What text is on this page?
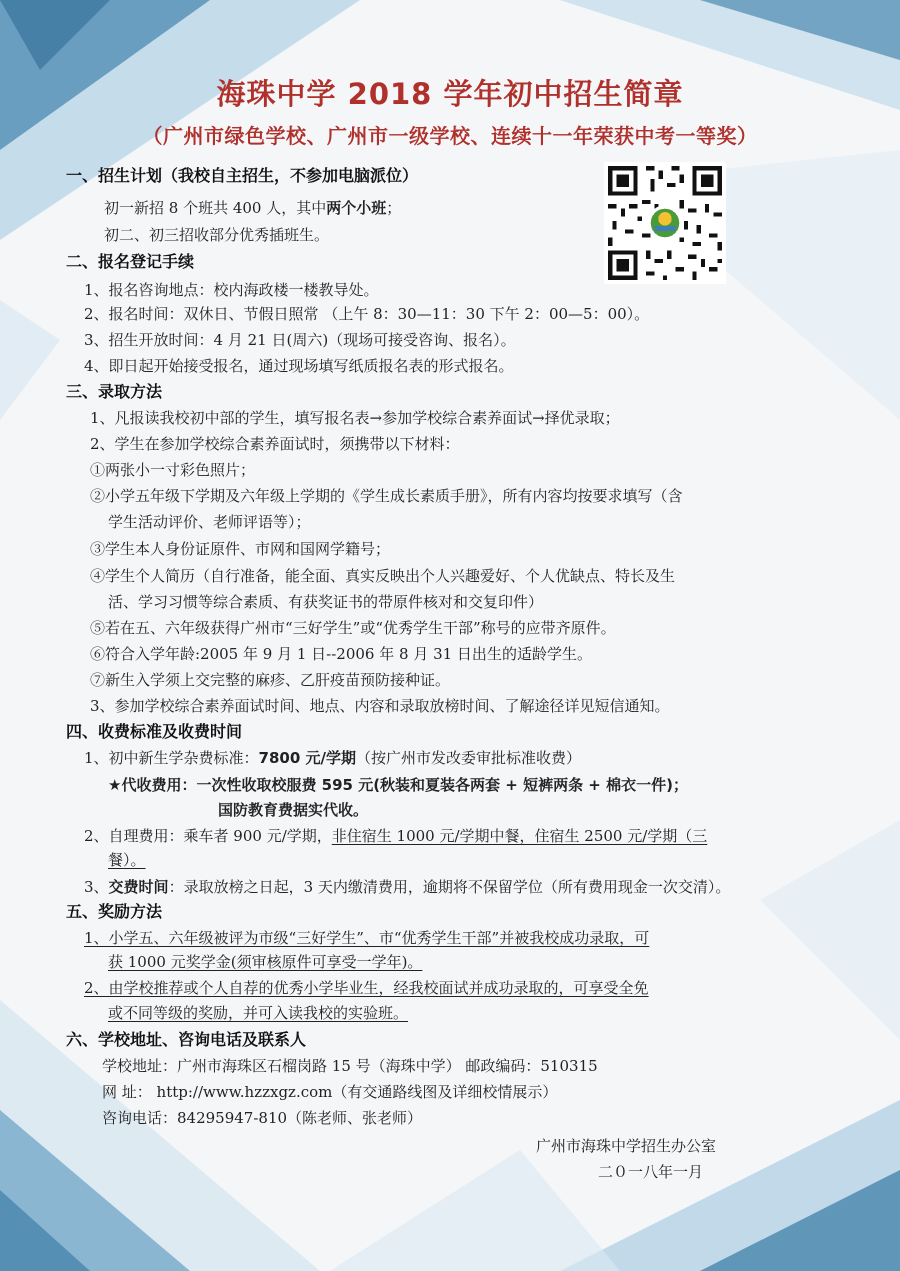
海珠中学 2018 学年初中招生简章
（广州市绿色学校、广州市一级学校、连续十一年荣获中考一等奖）
一、招生计划（我校自主招生，不参加电脑派位）
初一新招 8 个班共 400 人，其中两个小班；
初二、初三招收部分优秀插班生。
二、报名登记手续
1、报名咨询地点：校内海政楼一楼教导处。
2、报名时间：双休日、节假日照常 （上午 8：30—11：30 下午 2：00—5：00）。
3、招生开放时间：4 月 21 日(周六)（现场可接受咨询、报名）。
4、即日起开始接受报名，通过现场填写纸质报名表的形式报名。
三、录取方法
1、凡报读我校初中部的学生，填写报名表→参加学校综合素养面试→择优录取；
2、学生在参加学校综合素养面试时，须携带以下材料：
①两张小一寸彩色照片；
②小学五年级下学期及六年级上学期的《学生成长素质手册》，所有内容均按要求填写（含
学生活动评价、老师评语等）；
③学生本人身份证原件、市网和国网学籍号；
④学生个人简历（自行准备，能全面、真实反映出个人兴趣爱好、个人优缺点、特长及生
活、学习习惯等综合素质、有获奖证书的带原件核对和交复印件）
⑤若在五、六年级获得广州市“三好学生”或“优秀学生干部”称号的应带齐原件。
⑥符合入学年龄:2005 年 9 月 1 日--2006 年 8 月 31 日出生的适龄学生。
⑦新生入学须上交完整的麻疹、乙肝疫苗预防接种证。
3、参加学校综合素养面试时间、地点、内容和录取放榜时间、了解途径详见短信通知。
四、收费标准及收费时间
1、初中新生学杂费标准：7800 元/学期（按广州市发改委审批标准收费）
★代收费用：一次性收取校服费 595 元(秋装和夏装各两套 + 短裤两条 + 棉衣一件)；
国防教育费据实代收。
2、自理费用：乘车者 900 元/学期，非住宿生 1000 元/学期中餐，住宿生 2500 元/学期（三
餐）。
3、交费时间：录取放榜之日起，3 天内缴清费用，逾期将不保留学位（所有费用现金一次交清）。
五、奖励方法
1、小学五、六年级被评为市级“三好学生”、市“优秀学生干部”并被我校成功录取，可
获 1000 元奖学金(须审核原件可享受一学年)。
2、由学校推荐或个人自荐的优秀小学毕业生，经我校面试并成功录取的，可享受全免
或不同等级的奖励，并可入读我校的实验班。
六、学校地址、咨询电话及联系人
学校地址：广州市海珠区石榴岗路 15 号（海珠中学） 邮政编码：510315
网 址： http://www.hzzxgz.com（有交通路线图及详细校情展示）
咨询电话：84295947-810（陈老师、张老师）
广州市海珠中学招生办公室
二０一八年一月
